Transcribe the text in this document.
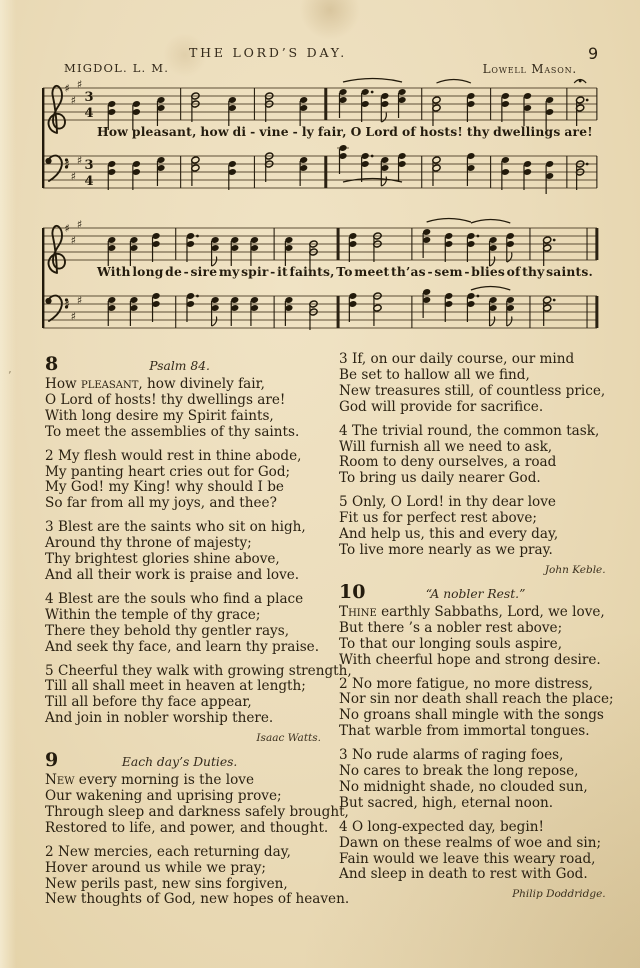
THE LORD’S DAY.	9
MIGDOL. L. M.	Lowell Mason.
♯
♯
♯
3
4
♯
♯
♯ 3
4
How pleasant, how di - vine - ly fair, O Lord of hosts! thy dwellings are!
♯
♯
♯
♯
♯
♯
With long de - sire my spir - it faints, To meet th’as - sem - blies of thy saints.
’
8	Psalm 84.
How pleasant, how divinely fair,
O Lord of hosts! thy dwellings are!
With long desire my Spirit faints,
To meet the assemblies of thy saints.
2 My flesh would rest in thine abode,
My panting heart cries out for God;
My God! my King! why should I be
So far from all my joys, and thee?
3 Blest are the saints who sit on high,
Around thy throne of majesty;
Thy brightest glories shine above,
And all their work is praise and love.
4 Blest are the souls who find a place
Within the temple of thy grace;
There they behold thy gentler rays,
And seek thy face, and learn thy praise.
5 Cheerful they walk with growing strength,
Till all shall meet in heaven at length;
Till all before thy face appear,
And join in nobler worship there.
Isaac Watts.
9	Each day’s Duties.
New every morning is the love
Our wakening and uprising prove;
Through sleep and darkness safely brought,
Restored to life, and power, and thought.
2 New mercies, each returning day,
Hover around us while we pray;
New perils past, new sins forgiven,
New thoughts of God, new hopes of heaven.
3 If, on our daily course, our mind
Be set to hallow all we find,
New treasures still, of countless price,
God will provide for sacrifice.
4 The trivial round, the common task,
Will furnish all we need to ask,
Room to deny ourselves, a road
To bring us daily nearer God.
5 Only, O Lord! in thy dear love
Fit us for perfect rest above;
And help us, this and every day,
To live more nearly as we pray.
John Keble.
10	“A nobler Rest.”
Thine earthly Sabbaths, Lord, we love,
But there ’s a nobler rest above;
To that our longing souls aspire,
With cheerful hope and strong desire.
2 No more fatigue, no more distress,
Nor sin nor death shall reach the place;
No groans shall mingle with the songs
That warble from immortal tongues.
3 No rude alarms of raging foes,
No cares to break the long repose,
No midnight shade, no clouded sun,
But sacred, high, eternal noon.
4 O long-expected day, begin!
Dawn on these realms of woe and sin;
Fain would we leave this weary road,
And sleep in death to rest with God.
Philip Doddridge.
